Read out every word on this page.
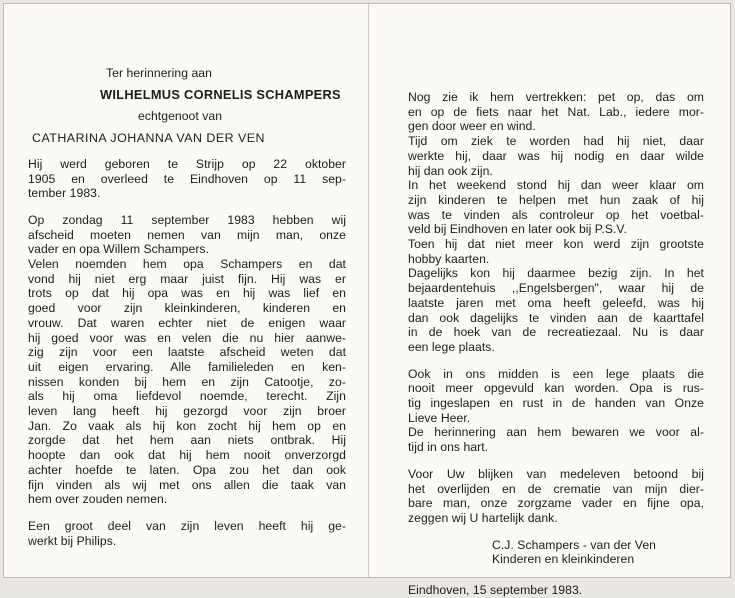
Ter herinnering aan
WILHELMUS CORNELIS SCHAMPERS
echtgenoot van
CATHARINA JOHANNA VAN DER VEN

Hij werd geboren te Strijp op 22 oktober
1905 en overleed te Eindhoven op 11 sep-
tember 1983.

Op zondag 11 september 1983 hebben wij
afscheid moeten nemen van mijn man, onze
vader en opa Willem Schampers.
Velen noemden hem opa Schampers en dat
vond hij niet erg maar juist fijn. Hij was er
trots op dat hij opa was en hij was lief en
goed voor zijn kleinkinderen, kinderen en
vrouw. Dat waren echter niet de enigen waar
hij goed voor was en velen die nu hier aanwe-
zig zijn voor een laatste afscheid weten dat
uit eigen ervaring. Alle familieleden en ken-
nissen konden bij hem en zijn Catootje, zo-
als hij oma liefdevol noemde, terecht. Zijn
leven lang heeft hij gezorgd voor zijn broer
Jan. Zo vaak als hij kon zocht hij hem op en
zorgde dat het hem aan niets ontbrak. Hij
hoopte dan ook dat hij hem nooit onverzorgd
achter hoefde te laten. Opa zou het dan ook
fijn vinden als wij met ons allen die taak van
hem over zouden nemen.

Een groot deel van zijn leven heeft hij ge-
werkt bij Philips.

Nog zie ik hem vertrekken: pet op, das om
en op de fiets naar het Nat. Lab., iedere mor-
gen door weer en wind.
Tijd om ziek te worden had hij niet, daar
werkte hij, daar was hij nodig en daar wilde
hij dan ook zijn.
In het weekend stond hij dan weer klaar om
zijn kinderen te helpen met hun zaak of hij
was te vinden als controleur op het voetbal-
veld bij Eindhoven en later ook bij P.S.V.
Toen hij dat niet meer kon werd zijn grootste
hobby kaarten.
Dagelijks kon hij daarmee bezig zijn. In het
bejaardentehuis ,,Engelsbergen", waar hij de
laatste jaren met oma heeft geleefd, was hij
dan ook dagelijks te vinden aan de kaarttafel
in de hoek van de recreatiezaal. Nu is daar
een lege plaats.

Ook in ons midden is een lege plaats die
nooit meer opgevuld kan worden. Opa is rus-
tig ingeslapen en rust in de handen van Onze
Lieve Heer.
De herinnering aan hem bewaren we voor al-
tijd in ons hart.

Voor Uw blijken van medeleven betoond bij
het overlijden en de crematie van mijn dier-
bare man, onze zorgzame vader en fijne opa,
zeggen wij U hartelijk dank.

C.J. Schampers - van der Ven
Kinderen en kleinkinderen
Eindhoven, 15 september 1983.
